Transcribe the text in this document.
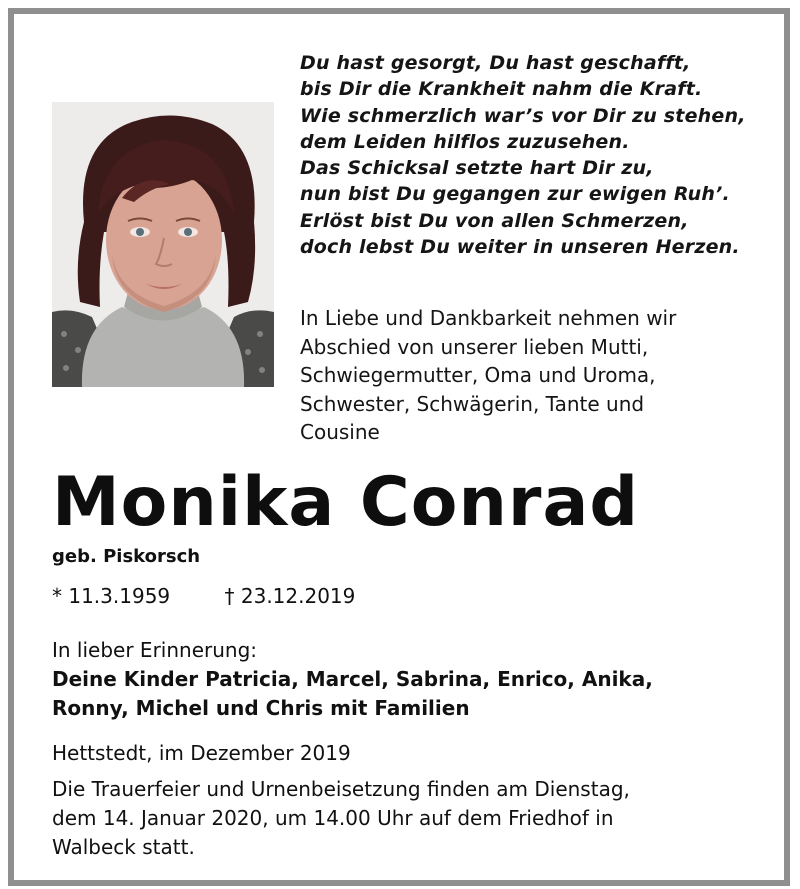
Du hast gesorgt, Du hast geschafft,
bis Dir die Krankheit nahm die Kraft.
Wie schmerzlich war’s vor Dir zu stehen,
dem Leiden hilflos zuzusehen.
Das Schicksal setzte hart Dir zu,
nun bist Du gegangen zur ewigen Ruh’.
Erlöst bist Du von allen Schmerzen,
doch lebst Du weiter in unseren Herzen.
In Liebe und Dankbarkeit nehmen wir
Abschied von unserer lieben Mutti,
Schwiegermutter, Oma und Uroma,
Schwester, Schwägerin, Tante und
Cousine
Monika Conrad
geb. Piskorsch
* 11.3.1959	† 23.12.2019
In lieber Erinnerung:
Deine Kinder Patricia, Marcel, Sabrina, Enrico, Anika,
Ronny, Michel und Chris mit Familien
Hettstedt, im Dezember 2019
Die Trauerfeier und Urnenbeisetzung finden am Dienstag,
dem 14. Januar 2020, um 14.00 Uhr auf dem Friedhof in
Walbeck statt.
